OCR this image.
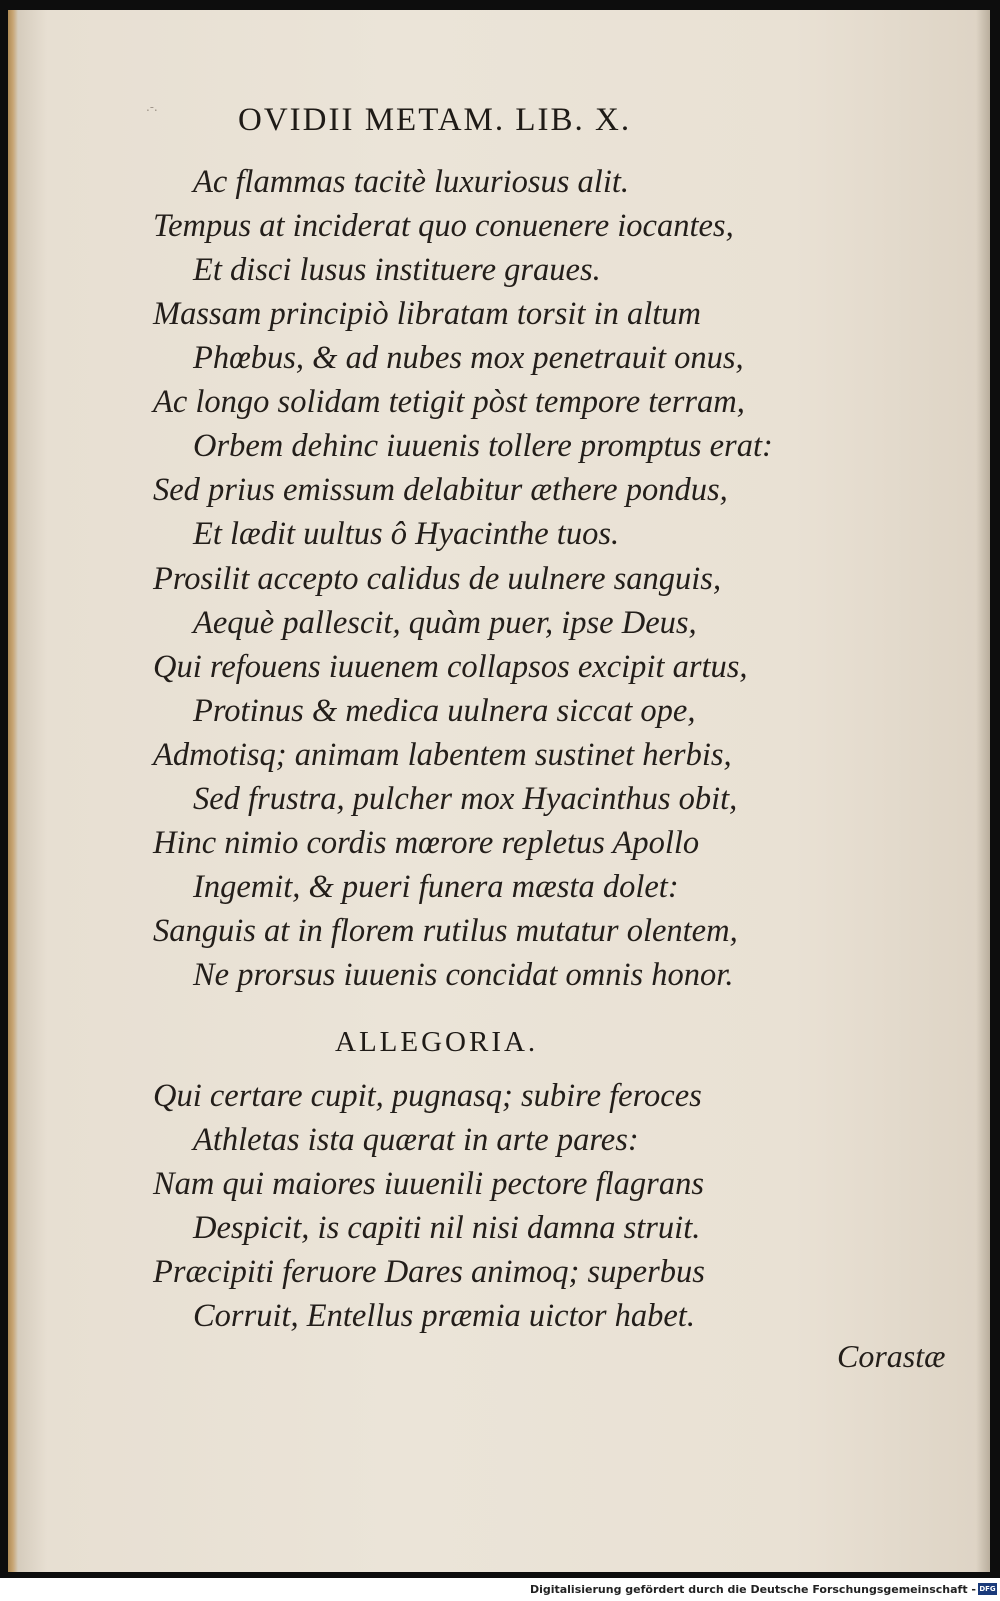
.-.	OVIDII METAM. LIB. X.

Ac flammas tacitè luxuriosus alit.

Tempus at inciderat quo conuenere iocantes,

Et disci lusus instituere graues.

Massam principiò libratam torsit in altum

Phœbus, & ad nubes mox penetrauit onus,

Ac longo solidam tetigit pòst tempore terram,

Orbem dehinc iuuenis tollere promptus erat:

Sed prius emissum delabitur æthere pondus,

Et lædit uultus ô Hyacinthe tuos.

Prosilit accepto calidus de uulnere sanguis,

Aequè pallescit, quàm puer, ipse Deus,

Qui refouens iuuenem collapsos excipit artus,

Protinus & medica uulnera siccat ope,

Admotisq; animam labentem sustinet herbis,

Sed frustra, pulcher mox Hyacinthus obit,

Hinc nimio cordis mœrore repletus Apollo

Ingemit, & pueri funera mæsta dolet:

Sanguis at in florem rutilus mutatur olentem,

Ne prorsus iuuenis concidat omnis honor.

ALLEGORIA.

Qui certare cupit, pugnasq; subire feroces

Athletas ista quærat in arte pares:

Nam qui maiores iuuenili pectore flagrans

Despicit, is capiti nil nisi damna struit.

Præcipiti feruore Dares animoq; superbus

Corruit, Entellus præmia uictor habet.

Corastæ

Digitalisierung gefördert durch die Deutsche Forschungsgemeinschaft - DFG
